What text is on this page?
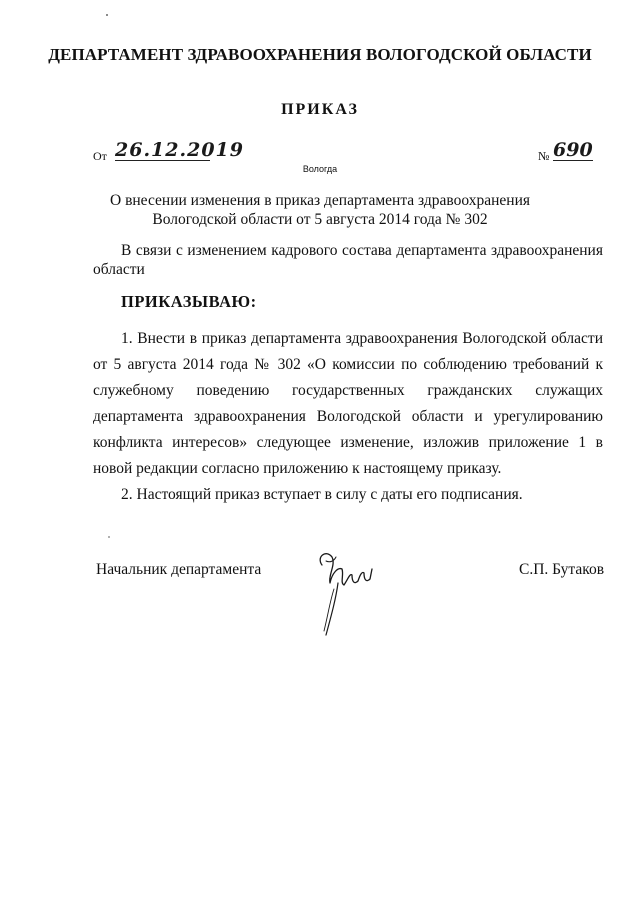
ДЕПАРТАМЕНТ ЗДРАВООХРАНЕНИЯ ВОЛОГОДСКОЙ ОБЛАСТИ
ПРИКАЗ
От 26.12.2019
Вологда
№ 690
О внесении изменения в приказ департамента здравоохранения Вологодской области от 5 августа 2014 года № 302
В связи с изменением кадрового состава департамента здравоохранения области
ПРИКАЗЫВАЮ:

1. Внести в приказ департамента здравоохранения Вологодской области от 5 августа 2014 года № 302 «О комиссии по соблюдению требований к служебному поведению государственных гражданских служащих департамента здравоохранения Вологодской области и урегулированию конфликта интересов» следующее изменение, изложив приложение 1 в новой редакции согласно приложению к настоящему приказу.

2. Настоящий приказ вступает в силу с даты его подписания.

Начальник департамента	С.П. Бутаков
